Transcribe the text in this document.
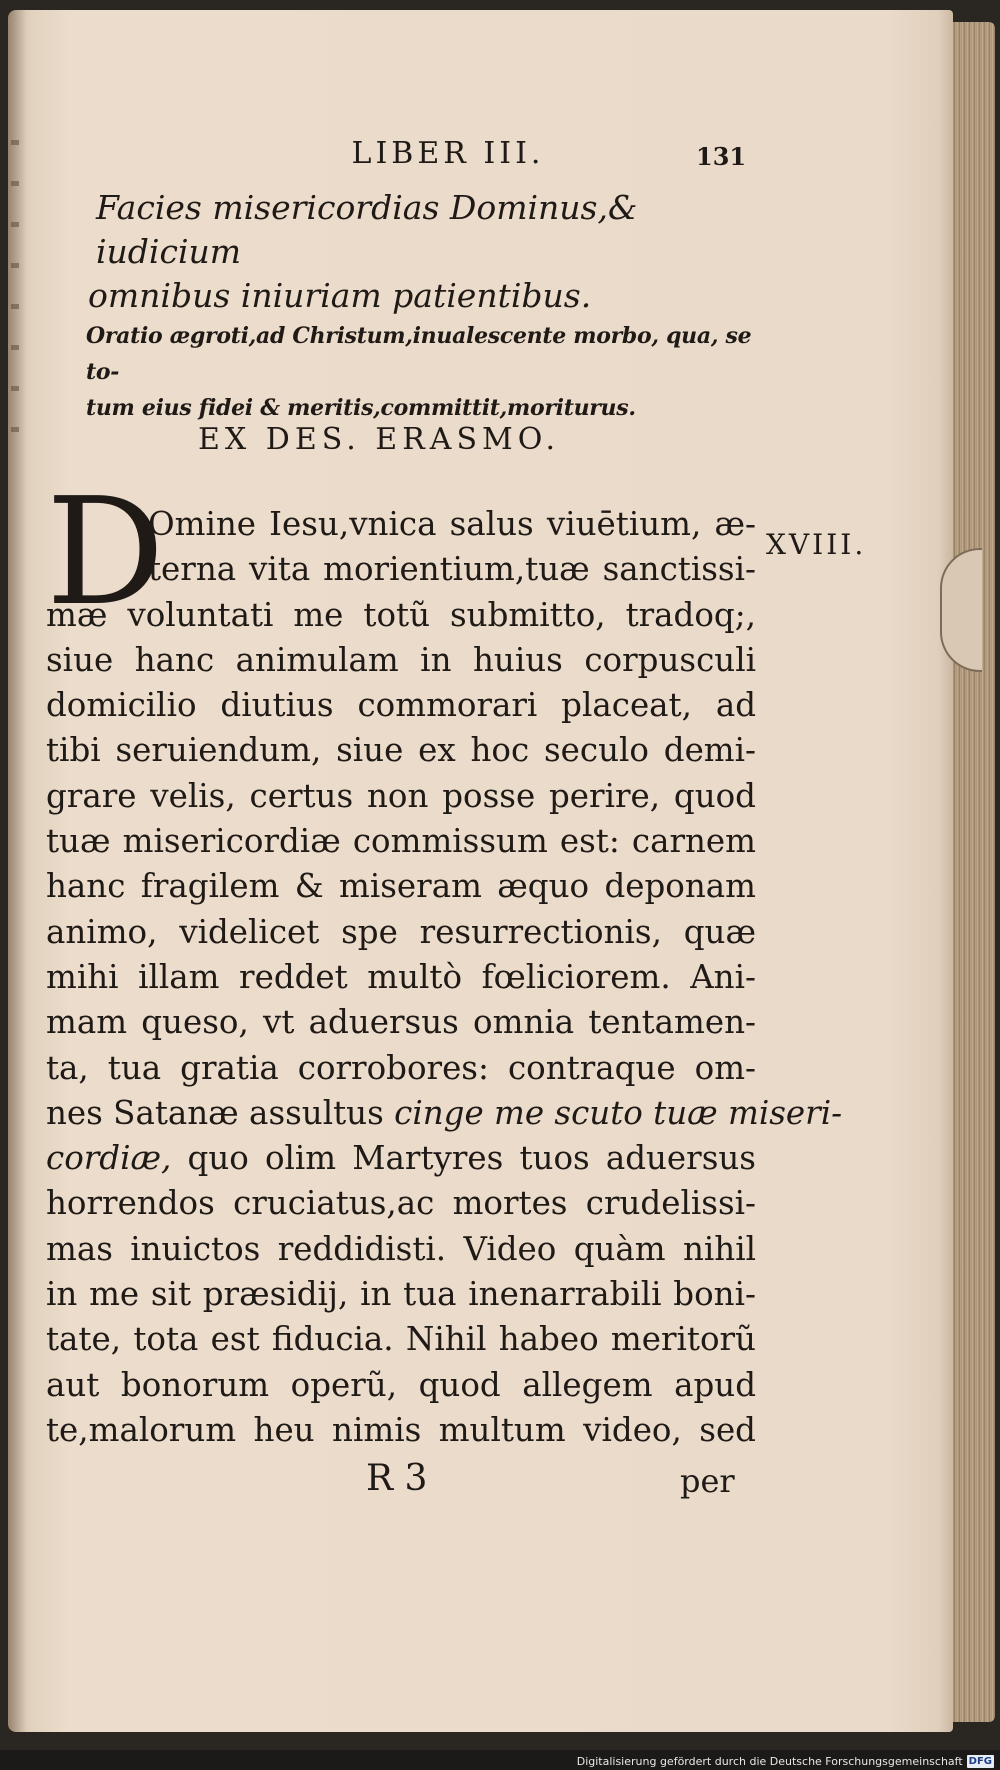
LIBER III.	131
Facies misericordias Dominus,& iudicium
omnibus iniuriam patientibus.
Oratio ægroti,ad Christum,inualescente morbo, qua, se to-
tum eius fidei & meritis,committit,moriturus.
EX DES. ERASMO.
D
Omine Iesu,vnica salus viuētium, æ-
terna vita morientium,tuæ sanctissi-
mæ voluntati me totũ submitto, tradoq;,
siue hanc animulam in huius corpusculi
domicilio diutius commorari placeat, ad
tibi seruiendum, siue ex hoc seculo demi-
grare velis, certus non posse perire, quod
tuæ misericordiæ commissum est: carnem
hanc fragilem & miseram æquo deponam
animo, videlicet spe resurrectionis, quæ
mihi illam reddet multò fœliciorem. Ani-
mam queso, vt aduersus omnia tentamen-
ta, tua gratia corrobores: contraque om-
nes Satanæ assultus cinge me scuto tuæ miseri-
cordiæ, quo olim Martyres tuos aduersus
horrendos cruciatus,ac mortes crudelissi-
mas inuictos reddidisti. Video quàm nihil
in me sit præsidij, in tua inenarrabili boni-
tate, tota est fiducia. Nihil habeo meritorũ
aut bonorum operũ, quod allegem apud
te,malorum heu nimis multum video, sed
XVIII.
R 3	per
Digitalisierung gefördert durch die Deutsche Forschungsgemeinschaft DFG
